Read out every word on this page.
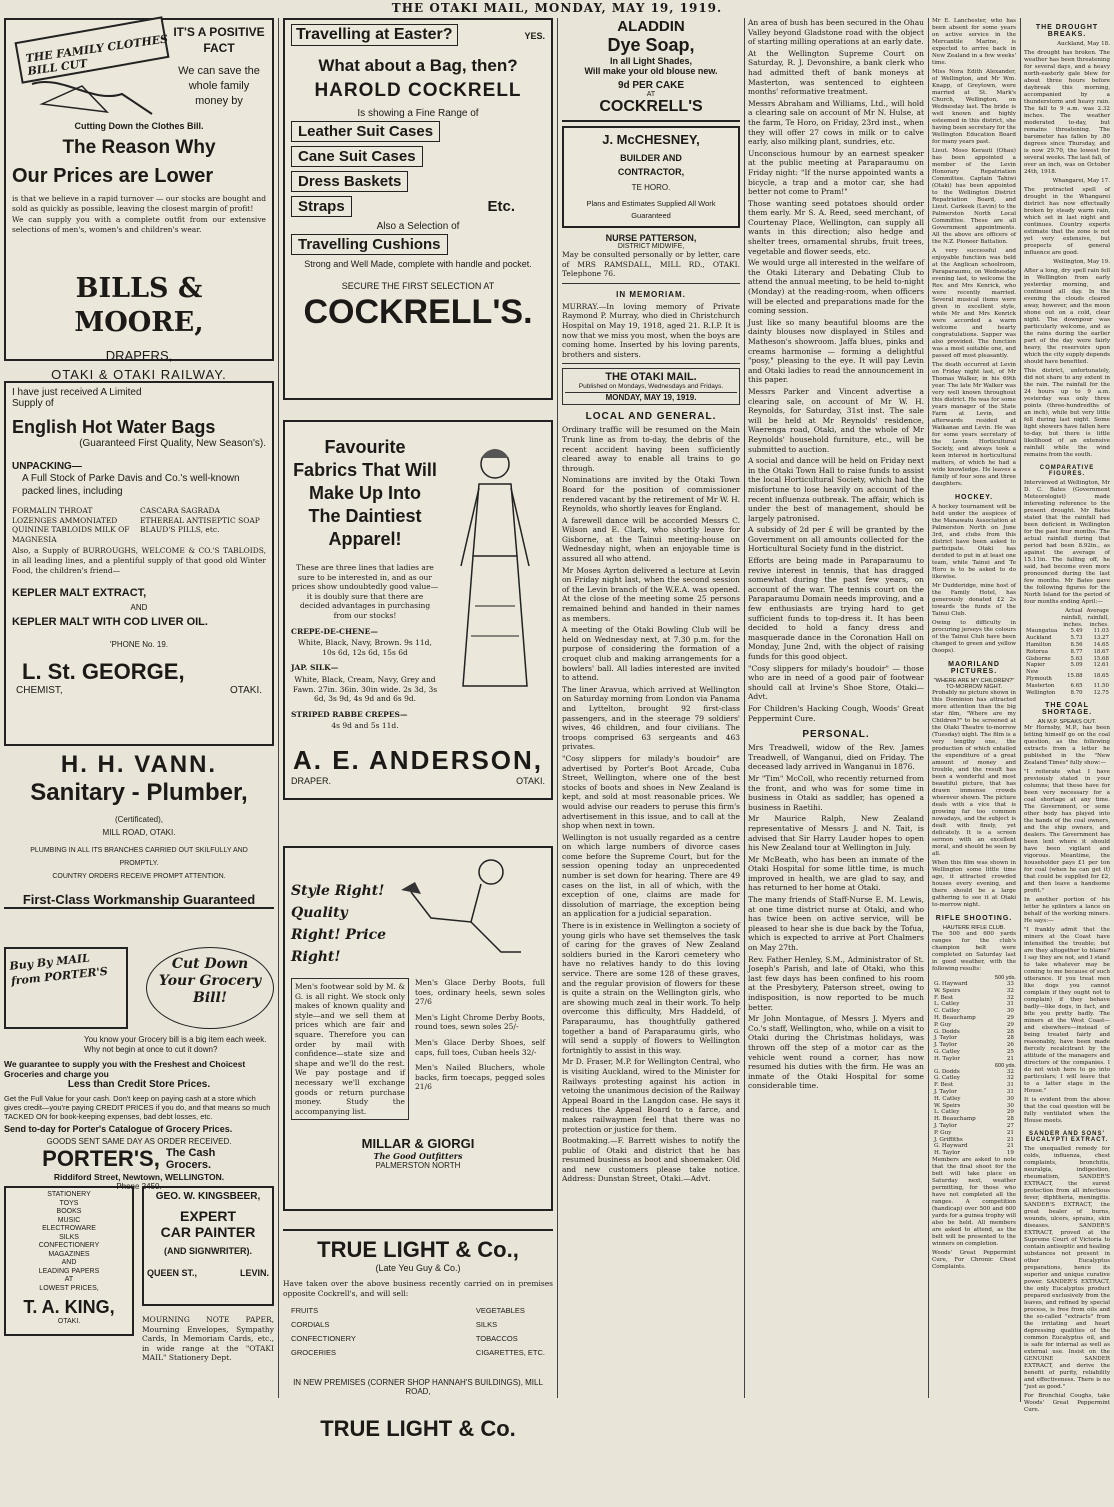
THE OTAKI MAIL, MONDAY, MAY 19, 1919.
THE FAMILY CLOTHES BILL CUT
IT'S A POSITIVE FACT
We can save the whole family money by
Cutting Down the Clothes Bill.
The Reason Why
Our Prices are Lower
is that we believe in a rapid turnover — our stocks are bought and sold as quickly as possible, leaving the closest margin of profit!
We can supply you with a complete outfit from our extensive selections of men's, women's and children's wear.
BILLS & MOORE,
DRAPERS,
OTAKI & OTAKI RAILWAY.
I have just received A Limited Supply of
English Hot Water Bags
(Guaranteed First Quality, New Season's).
UNPACKING—
A Full Stock of Parke Davis and Co.'s well-known packed lines, including
FORMALIN THROAT LOZENGES AMMONIATED QUININE TABLOIDS MILK OF MAGNESIA
CASCARA SAGRADA ETHEREAL ANTISEPTIC SOAP BLAUD'S PILLS, etc.
Also, a Supply of BURROUGHS, WELCOME & CO.'S TABLOIDS, in all leading lines, and a plentiful supply of that good old Winter Food, the children's friend—
KEPLER MALT EXTRACT,
AND
KEPLER MALT WITH COD LIVER OIL.
'PHONE No. 19.
L. St. GEORGE,
CHEMIST,	OTAKI.
H. H. VANN.
Sanitary - Plumber,
(Certificated),
MILL ROAD, OTAKI.
PLUMBING IN ALL ITS BRANCHES CARRIED OUT SKILFULLY AND
PROMPTLY.
COUNTRY ORDERS RECEIVE PROMPT ATTENTION.
First-Class Workmanship Guaranteed
Buy By MAIL from PORTER'S
Cut Down Your Grocery Bill!
You know your Grocery bill is a big item each week. Why not begin at once to cut it down?
We guarantee to supply you with the Freshest and Choicest Groceries and charge you
Less than Credit Store Prices.
Get the Full Value for your cash. Don't keep on paying cash at a store which gives credit—you're paying CREDIT PRICES if you do, and that means so much TACKED ON for book-keeping expenses, bad debt losses, etc.
Send to-day for Porter's Catalogue of Grocery Prices.
GOODS SENT SAME DAY AS ORDER RECEIVED.
PORTER'S, The Cash Grocers.
Riddiford Street, Newtown, WELLINGTON.
Phone 2450.
STATIONERY
TOYS
BOOKS
MUSIC
ELECTROWARE
SILKS
CONFECTIONERY
MAGAZINES
AND
LEADING PAPERS
AT
LOWEST PRICES,
T. A. KING,
OTAKI.
GEO. W. KINGSBEER,
EXPERT
CAR PAINTER
(AND SIGNWRITER).
QUEEN ST.,	LEVIN.
MOURNING NOTE PAPER, Mourning Envelopes, Sympathy Cards, In Memoriam Cards, etc., in wide range at the "OTAKI MAIL" Stationery Dept.
Travelling at Easter?	YES.
What about a Bag, then?
HAROLD COCKRELL
Is showing a Fine Range of
Leather Suit Cases
Cane Suit Cases
Dress Baskets

Straps	Etc.
Also a Selection of
Travelling Cushions
Strong and Well Made, complete with handle and pocket.
SECURE THE FIRST SELECTION AT
COCKRELL'S.
Favourite Fabrics That Will Make Up Into The Daintiest Apparel!
These are three lines that ladies are sure to be interested in, and as our prices show undoubtedly good value—it is doubly sure that there are decided advantages in purchasing from our stocks!
CREPE-DE-CHENE—
White, Black, Navy, Brown. 9s 11d, 10s 6d, 12s 6d, 15s 6d
JAP. SILK—
White, Black, Cream, Navy, Grey and Fawn. 27in. 36in. 30in wide. 2s 3d, 3s 6d, 3s 9d, 4s 9d and 6s 9d.
STRIPED RABBE CREPES—
4s 9d and 5s 11d.
A. E. ANDERSON,
DRAPER.	OTAKI.
Style Right! Quality Right! Price Right!
Men's footwear sold by M. & G. is all right. We stock only makes of known quality and style—and we sell them at prices which are fair and square. Therefore you can order by mail with confidence—state size and shape and we'll do the rest. We pay postage and if necessary we'll exchange goods or return purchase money. Study the accompanying list.
Men's Glace Derby Boots, full toes, ordinary heels, sewn soles 27/6
Men's Light Chrome Derby Boots, round toes, sewn soles 25/-
Men's Glace Derby Shoes, self caps, full toes, Cuban heels 32/-
Men's Nailed Bluchers, whole backs, firm toecaps, pegged soles 21/6
MILLAR & GIORGI
The Good Outfitters
PALMERSTON NORTH
TRUE LIGHT & Co.,
(Late Yeu Guy & Co.)
Have taken over the above business recently carried on in premises opposite Cockrell's, and will sell:
FRUITS
CORDIALS
CONFECTIONERY
GROCERIES
VEGETABLES
SILKS
TOBACCOS
CIGARETTES, ETC.
IN NEW PREMISES (CORNER SHOP HANNAH'S BUILDINGS), MILL ROAD,
TRUE LIGHT & Co.
ALADDIN
Dye Soap,
In all Light Shades,
Will make your old blouse new.
9d PER CAKE
AT
COCKRELL'S
J. McCHESNEY,
BUILDER AND CONTRACTOR,
TE HORO.
Plans and Estimates Supplied All Work Guaranteed
NURSE PATTERSON,
DISTRICT MIDWIFE,
May be consulted personally or by letter, care of MRS RAMSDALL, MILL RD., OTAKI. Telephone 76.
IN MEMORIAM.
MURRAY.—In loving memory of Private Raymond P. Murray, who died in Christchurch Hospital on May 19, 1918, aged 21. R.I.P. It is now that we miss you most, when the boys are coming home. Inserted by his loving parents, brothers and sisters.
THE OTAKI MAIL.
Published on Mondays, Wednesdays and Fridays.
MONDAY, MAY 19, 1919.
LOCAL AND GENERAL.

Ordinary traffic will be resumed on the Main Trunk line as from to-day, the debris of the recent accident having been sufficiently cleared away to enable all trains to go through.

Nominations are invited by the Otaki Town Board for the position of commissioner rendered vacant by the retirement of Mr W. H. Reynolds, who shortly leaves for England.

A farewell dance will be accorded Messrs C. Wilson and E. Clark, who shortly leave for Gisborne, at the Tainui meeting-house on Wednesday night, when an enjoyable time is assured all who attend.

Mr Moses Ayrton delivered a lecture at Levin on Friday night last, when the second session of the Levin branch of the W.E.A. was opened. At the close of the meeting some 25 persons remained behind and handed in their names as members.

A meeting of the Otaki Bowling Club will be held on Wednesday next, at 7.30 p.m. for the purpose of considering the formation of a croquet club and making arrangements for a bowlers' ball. All ladies interested are invited to attend.

The liner Aravua, which arrived at Wellington on Saturday morning from London via Panama and Lyttelton, brought 92 first-class passengers, and in the steerage 79 soldiers' wives, 46 children, and four civilians. The troops comprised 63 sergeants and 463 privates.

"Cosy slippers for milady's boudoir" are advertised by Porter's Boot Arcade, Cuba Street, Wellington, where one of the best stocks of boots and shoes in New Zealand is kept, and sold at most reasonable prices. We would advise our readers to peruse this firm's advertisement in this issue, and to call at the shop when next in town.

Wellington is not usually regarded as a centre on which large numbers of divorce cases come before the Supreme Court, but for the session opening today an unprecedented number is set down for hearing. There are 49 cases on the list, in all of which, with the exception of one, claims are made for dissolution of marriage, the exception being an application for a judicial separation.

There is in existence in Wellington a society of young girls who have set themselves the task of caring for the graves of New Zealand soldiers buried in the Karori cemetery who have no relatives handy to do this loving service. There are some 128 of these graves, and the regular provision of flowers for these is quite a strain on the Wellington girls, who are showing much zeal in their work. To help overcome this difficulty, Mrs Haddeld, of Paraparaumu, has thoughtfully gathered together a band of Paraparaumu girls, who will send a supply of flowers to Wellington fortnightly to assist in this way.

Mr D. Fraser, M.P. for Wellington Central, who is visiting Auckland, wired to the Minister for Railways protesting against his action in vetoing the unanimous decision of the Railway Appeal Board in the Langdon case. He says it reduces the Appeal Board to a farce, and makes railwaymen feel that there was no protection or justice for them.

Bootmaking.—F. Barrett wishes to notify the public of Otaki and district that he has resumed business as boot and shoemaker. Old and new customers please take notice. Address: Dunstan Street, Otaki.—Advt.

An area of bush has been secured in the Ohau Valley beyond Gladstone road with the object of starting milling operations at an early date.

At the Wellington Supreme Court on Saturday, R. J. Devonshire, a bank clerk who had admitted theft of bank moneys at Masterton, was sentenced to eighteen months' reformative treatment.

Messrs Abraham and Williams, Ltd., will hold a clearing sale on account of Mr N. Hulse, at the farm, Te Horo, on Friday, 23rd inst., when they will offer 27 cows in milk or to calve early, also milking plant, sundries, etc.

Unconscious humour by an earnest speaker at the public meeting at Paraparaumu on Friday night: "If the nurse appointed wants a bicycle, a trap and a motor car, she had better not come to Pram!"

Those wanting seed potatoes should order them early. Mr S. A. Reed, seed merchant, of Courtenay Place, Wellington, can supply all wants in this direction; also hedge and shelter trees, ornamental shrubs, fruit trees, vegetable and flower seeds, etc.

We would urge all interested in the welfare of the Otaki Literary and Debating Club to attend the annual meeting, to be held to-night (Monday) at the reading-room, when officers will be elected and preparations made for the coming session.

Just like so many beautiful blooms are the dainty blouses now displayed in Stiles and Matheson's showroom. Jaffa blues, pinks and creams harmonise — forming a delightful "posy," pleasing to the eye. It will pay Levin and Otaki ladies to read the announcement in this paper.

Messrs Parker and Vincent advertise a clearing sale, on account of Mr W. H. Reynolds, for Saturday, 31st inst. The sale will be held at Mr Reynolds' residence, Waerenga road, Otaki, and the whole of Mr Reynolds' household furniture, etc., will be submitted to auction.

A social and dance will be held on Friday next in the Otaki Town Hall to raise funds to assist the local Horticultural Society, which had the misfortune to lose heavily on account of the recent influenza outbreak. The affair, which is under the best of management, should be largely patronised.

A subsidy of 2d per £ will be granted by the Government on all amounts collected for the Horticultural Society fund in the district.

Efforts are being made in Paraparaumu to revive interest in tennis, that has dragged somewhat during the past few years, on account of the war. The tennis court on the Paraparaumu Domain needs improving, and a few enthusiasts are trying hard to get sufficient funds to top-dress it. It has been decided to hold a fancy dress and masquerade dance in the Coronation Hall on Monday, June 2nd, with the object of raising funds for this good object.

"Cosy slippers for milady's boudoir" — those who are in need of a good pair of footwear should call at Irvine's Shoe Store, Otaki—Advt.

For Children's Hacking Cough, Woods' Great Peppermint Cure.

PERSONAL.

Mrs Treadwell, widow of the Rev. James Treadwell, of Wanganui, died on Friday. The deceased lady arrived in Wanganui in 1876.

Mr "Tim" McColl, who recently returned from the front, and who was for some time in business in Otaki as saddler, has opened a business in Raetihi.

Mr Maurice Ralph, New Zealand representative of Messrs J. and N. Tait, is advised that Sir Harry Lauder hopes to open his New Zealand tour at Wellington in July.

Mr McBeath, who has been an inmate of the Otaki Hospital for some little time, is much improved in health, we are glad to say, and has returned to her home at Otaki.

The many friends of Staff-Nurse E. M. Lewis, at one time district nurse at Otaki, and who has twice been on active service, will be pleased to hear she is due back by the Tofua, which is expected to arrive at Port Chalmers on May 27th.

Rev. Father Henley, S.M., Administrator of St. Joseph's Parish, and late of Otaki, who this last few days has been confined to his room at the Presbytery, Paterson street, owing to indisposition, is now reported to be much better.

Mr John Montague, of Messrs J. Myers and Co.'s staff, Wellington, who, while on a visit to Otaki during the Christmas holidays, was thrown off the step of a motor car as the vehicle went round a corner, has now resumed his duties with the firm. He was an inmate of the Otaki Hospital for some considerable time.

Mr E. Lanchester, who has been absent for some years on active service in the Mercantile Marine, is expected to arrive back in New Zealand in a few weeks' time.

Miss Nora Edith Alexander, of Wellington, and Mr Wm. Knapp, of Greytown, were married at St. Mark's Church, Wellington, on Wednesday last. The bride is well known and highly esteemed in this district, she having been secretary for the Wellington Education Board for many years past.

Lieut. Moso Kerauti (Ohau) has been appointed a member of the Levin Honorary Repatriation Committee. Captain Tahiwi (Otaki) has been appointed to the Wellington District Repatriation Board, and Lieut. Carkeek (Levin) to the Palmerston North Local Committee. These are all Government appointments. All the above are officers of the N.Z. Pioneer Battalion.

A very successful and enjoyable function was held at the Anglican schoolroom, Paraparaumu, on Wednesday evening last, to welcome the Rev. and Mrs Kenrick, who were recently married. Several musical items were given in excellent style, while Mr and Mrs Kenrick were accorded a warm welcome and hearty congratulations. Supper was also provided. The function was a most suitable one, and passed off most pleasantly.

The death occurred at Levin on Friday night last, of Mr Thomas Walker, in his 69th year. The late Mr Walker was very well known throughout this district. He was for some years manager of the State Farm at Levin, and afterwards resided at Waikanae and Levin. He was for some years secretary of the Levin Horticultural Society, and always took a keen interest in horticultural matters, of which he had a wide knowledge. He leaves a family of four sons and three daughters.

HOCKEY.

A hockey tournament will be held under the auspices of the Manawatu Association at Palmerston North on June 3rd, and clubs from this district have been asked to participate. Otaki has decided to put in at least one team, while Tainui and Te Horo is to be asked to do likewise.

Mr Dudderidge, mine host of the Family Hotel, has generously donated £2 2s towards the funds of the Tainui Club.

Owing to difficulty in procuring jerseys the colours of the Tainui Club have been changed to green and yellow (hoops).

MAORILAND PICTURES.
"WHERE ARE MY CHILDREN?"
TO-MORROW NIGHT.

Probably no picture shown in this Dominion has attracted more attention than the big star film, "Where are my Children?" to be screened at the Otaki Theatre to-morrow (Tuesday) night. The film is a very lengthy one, the production of which entailed the expenditure of a great amount of money and trouble, and the result has been a wonderful and most beautiful picture, that has drawn immense crowds wherever shown. The picture deals with a vice that is growing far too common nowadays, and the subject is dealt with finely, yet delicately. It is a screen sermon with an excellent moral, and should be seen by all.

When this film was shown in Wellington some little time ago, it attracted crowded houses every evening, and there should be a large gathering to see it at Otaki to-morrow night.

RIFLE SHOOTING.
HAUTERE RIFLE CLUB.

The 500 and 600 yards ranges for the club's champion belt were completed on Saturday last in good weather, with the following results:

500 yds.
G. Hayward	33
W. Speirs	32
F. Best	32
L. Catley	31
C. Catley	30
H. Beauchamp	29
P. Guy	29
G. Dodds	28
J. Taylor	28
J. Taylor	26
G. Catley	25
H. Taylor	21
600 yds.
G. Dodds	32
G. Catley	32
F. Best	31
J. Taylor	31
H. Catley	30
W. Speirs	30
L. Catley	29
H. Beauchamp	28
J. Taylor	27
P. Guy	21
J. Griffiths	21
G. Hayward	21
H. Taylor	19

Members are asked to note that the final shoot for the belt will take place on Saturday next, weather permitting, for those who have not completed all the ranges. A competition (handicap) over 500 and 600 yards for a guinea trophy will also be held. All members are asked to attend, as the belt will be presented to the winners on completion.

Woods' Great Peppermint Cure, For Chronic Chest Complaints.

THE DROUGHT BREAKS.

Auckland, May 18.

The drought has broken. The weather has been threatening for several days, and a heavy north-easterly gale blew for about three hours before daybreak this morning, accompanied by a thunderstorm and heavy rain. The fall to 9 a.m. was 2.32 inches. The weather moderated to-day, but remains threatening. The barometer has fallen by .80 degrees since Thursday, and is now 29.70, the lowest for several weeks. The last fall, of over an inch, was on October 24th, 1918.

Whangarei, May 17.

The protracted spell of drought in the Whangarei district has now effectually broken by steady warm rain, which set in last night and continues. Country experts estimate that the zone is not yet very extensive, but prospects of general influence are good.

Wellington, May 19.

After a long, dry spell rain fell in Wellington from early yesterday morning, and continued all day. In the evening the clouds cleared away, however, and the moon shone out on a cold, clear night. The downpour was particularly welcome, and as the rains during the earlier part of the day were fairly heavy, the reservoirs upon which the city supply depends should have benefited.

This district, unfortunately, did not share to any extent in the rain. The rainfall for the 24 hours up to 9 a.m. yesterday was only three points (three-hundredths of an inch), while but very little fell during last night. Some light showers have fallen here to-day, but there is little likelihood of an extensive rainfall while the wind remains from the south.

COMPARATIVE FIGURES.

Interviewed at Wellington, Mr D. C. Bates (Government Meteorologist) made interesting reference to the present drought. Mr Bates stated that the rainfall had been deficient in Wellington for the past four months. The actual rainfall during that period had been 8.92in., as against the average of 15.11in. The falling off, he said, had become even more pronounced during the last few months. Mr Bates gave the following figures for the North Island for the period of four months ending April:—

	Actual rainfall, inches.	Average rainfall, inches.
Maungatua	5.49	11.03
Auckland	5.73	13.27
Hamilton	8.56	14.65
Rotorua	8.77	18.67
Gisborne	5.63	15.68
Napier	5.09	12.61
New Plymouth	15.88	18.65
Masterton	6.65	11.50
Wellington	8.70	12.75
THE COAL SHORTAGE.
AN M.P. SPEAKS OUT.

Mr Hornsby, M.P., has been letting himself go on the coal question, as the following extracts from a letter he published in the "New Zealand Times" fully show:—

"I reiterate what I have previously stated in your columns; that these have for been very necessary for a coal shortage at any time. The Government, or some other body has played into the hands of the coal owners, and the ship owners, and dealers. The Government has been lent where it should have been vigilant and vigorous. Meantime, the householder pays £1 per ton for coal (when he can get it) that could be supplied for £2, and then leave a handsome profit."

In another portion of his letter he splinters a lance on behalf of the working miners. He says:—

"I frankly admit that the miners at the Coast have intensified the trouble; but are they altogether to blame? I say they are not, and I stand to take whatever may be coming to me because of such utterance. If you treat men like dogs you cannot complain if they ought not to complain) if they behave badly—like dogs, in fact, and bite you pretty badly. The miners at the West Coast—and elsewhere—instead of being treated fairly and reasonably, have been made fiercely recalcitrant by the attitude of the managers and directors of the companies. I do not wish here to go into particulars; I will leave that to a latter stage in the House."

It is evident from the above that the coal question will be fully ventilated when the House meets.

SANDER AND SONS' EUCALYPTI EXTRACT.

The unequalled remedy for colds, influenza, chest complaints, bronchitis, neuralgia, indigestion, rheumatism, SANDER'S EXTRACT, the surest protection from all infectious fever, diphtheria, meningitis. SANDER'S EXTRACT, the great healer of burns, wounds, ulcers, sprains, skin diseases. SANDER'S EXTRACT, proved at the Supreme Court of Victoria to contain antiseptic and healing substances not present in other Eucalyptus preparations, hence its superior and unique curative power. SANDER'S EXTRACT, the only Eucalyptus product prepared exclusively from the leaves, and refined by special process, is free from oils and the so-called "extracts" from the irritating and heart depressing qualities of the common Eucalyptus oil, and is safe for internal as well as external use. Insist on the GENUINE SANDER EXTRACT, and derive the benefit of purity, reliability and effectiveness. There is no "just as good."

For Bronchial Coughs, take Woods' Great Peppermint Cure.
